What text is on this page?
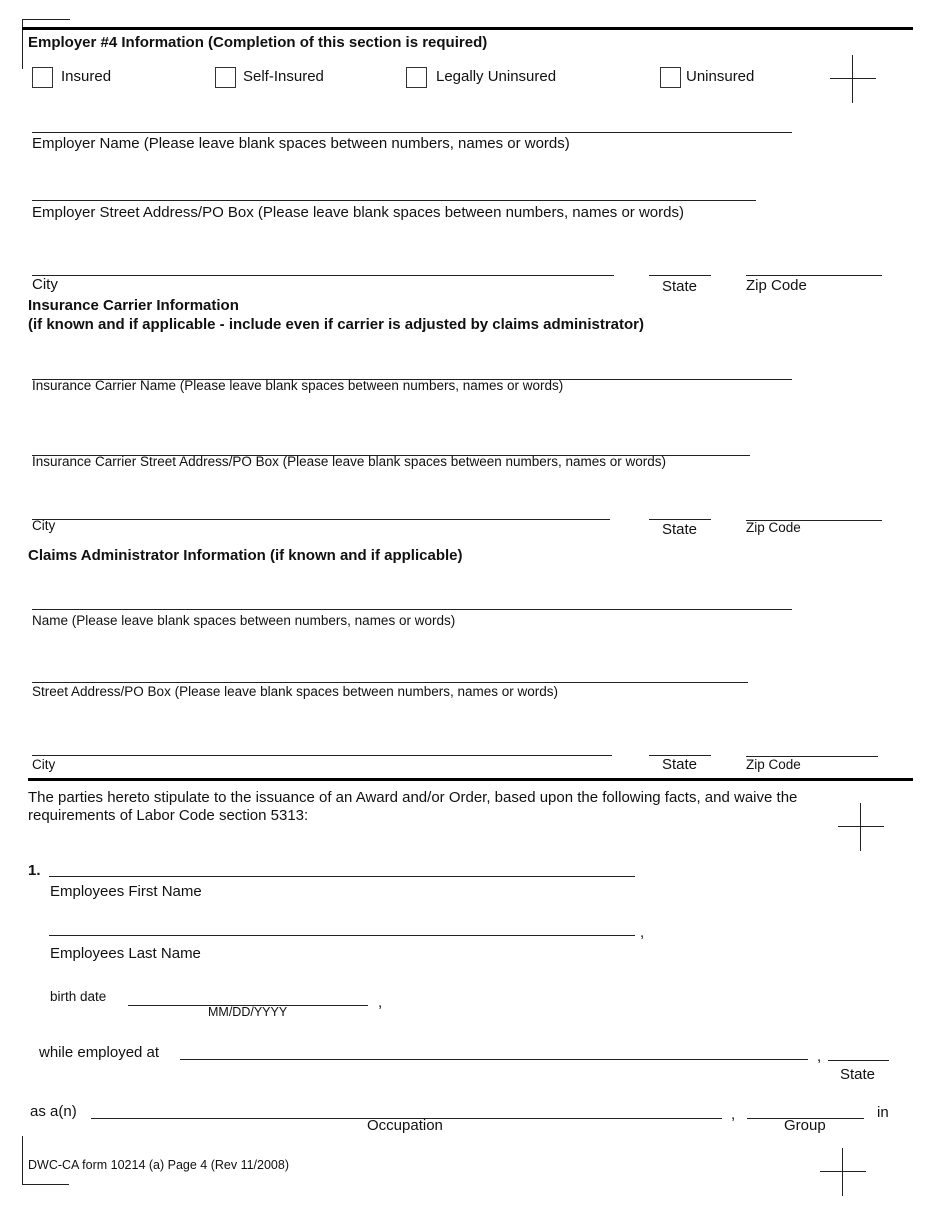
Employer #4 Information (Completion of this section is required)
Insured	Self-Insured	Legally Uninsured	Uninsured
Employer Name (Please leave blank spaces between numbers, names or words)
Employer Street Address/PO Box (Please leave blank spaces between numbers, names or words)
City	State	Zip Code
Insurance Carrier Information
(if known and if applicable - include even if carrier is adjusted by claims administrator)
Insurance Carrier Name (Please leave blank spaces between numbers, names or words)
Insurance Carrier Street Address/PO Box (Please leave blank spaces between numbers, names or words)
City	State	Zip Code
Claims Administrator Information (if known and if applicable)
Name (Please leave blank spaces between numbers, names or words)
Street Address/PO Box (Please leave blank spaces between numbers, names or words)
City	State	Zip Code
The parties hereto stipulate to the issuance of an Award and/or Order, based upon the following facts, and waive the
requirements of Labor Code section 5313:
1.
Employees First Name
,
Employees Last Name
birth date	,
MM/DD/YYYY
while employed at	,
State
as a(n)	,	in
Occupation	Group
DWC-CA form 10214 (a) Page 4 (Rev 11/2008)
